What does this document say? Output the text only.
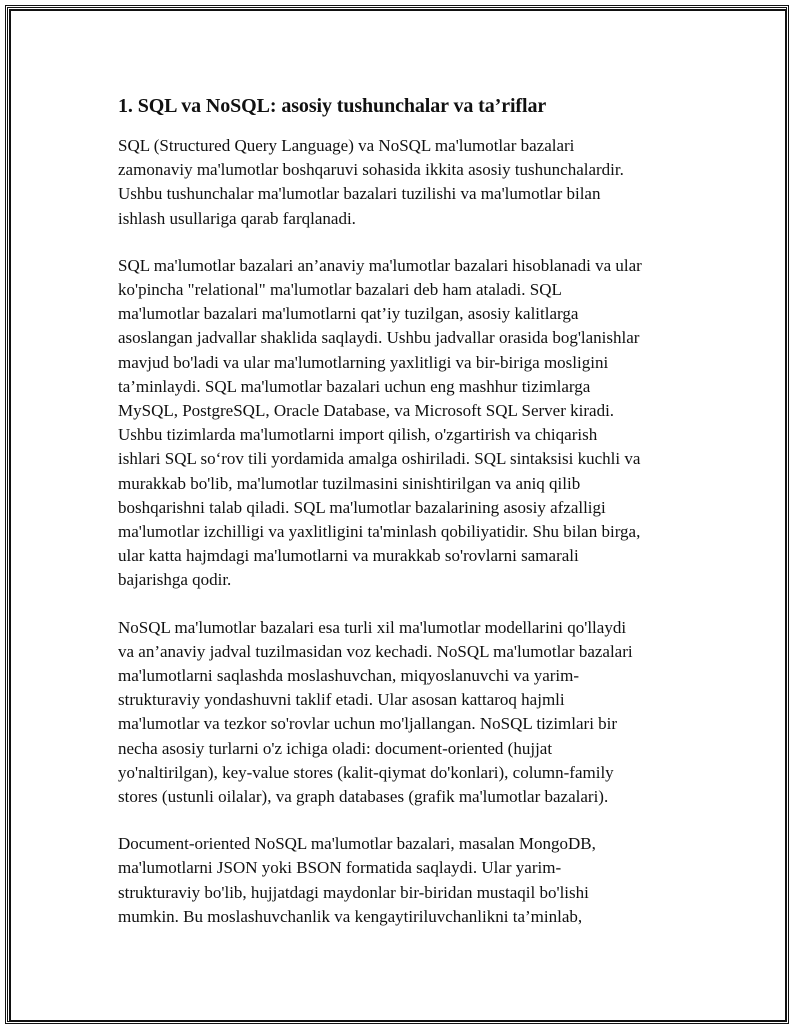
1. SQL va NoSQL: asosiy tushunchalar va ta’riflar
SQL (Structured Query Language) va NoSQL ma'lumotlar bazalari
zamonaviy ma'lumotlar boshqaruvi sohasida ikkita asosiy tushunchalardir.
Ushbu tushunchalar ma'lumotlar bazalari tuzilishi va ma'lumotlar bilan
ishlash usullariga qarab farqlanadi.
SQL ma'lumotlar bazalari an’anaviy ma'lumotlar bazalari hisoblanadi va ular
ko'pincha "relational" ma'lumotlar bazalari deb ham ataladi. SQL
ma'lumotlar bazalari ma'lumotlarni qat’iy tuzilgan, asosiy kalitlarga
asoslangan jadvallar shaklida saqlaydi. Ushbu jadvallar orasida bog'lanishlar
mavjud bo'ladi va ular ma'lumotlarning yaxlitligi va bir-biriga mosligini
ta’minlaydi. SQL ma'lumotlar bazalari uchun eng mashhur tizimlarga
MySQL, PostgreSQL, Oracle Database, va Microsoft SQL Server kiradi.
Ushbu tizimlarda ma'lumotlarni import qilish, o'zgartirish va chiqarish
ishlari SQL so‘rov tili yordamida amalga oshiriladi. SQL sintaksisi kuchli va
murakkab bo'lib, ma'lumotlar tuzilmasini sinishtirilgan va aniq qilib
boshqarishni talab qiladi. SQL ma'lumotlar bazalarining asosiy afzalligi
ma'lumotlar izchilligi va yaxlitligini ta'minlash qobiliyatidir. Shu bilan birga,
ular katta hajmdagi ma'lumotlarni va murakkab so'rovlarni samarali
bajarishga qodir.
NoSQL ma'lumotlar bazalari esa turli xil ma'lumotlar modellarini qo'llaydi
va an’anaviy jadval tuzilmasidan voz kechadi. NoSQL ma'lumotlar bazalari
ma'lumotlarni saqlashda moslashuvchan, miqyoslanuvchi va yarim-
strukturaviy yondashuvni taklif etadi. Ular asosan kattaroq hajmli
ma'lumotlar va tezkor so'rovlar uchun mo'ljallangan. NoSQL tizimlari bir
necha asosiy turlarni o'z ichiga oladi: document-oriented (hujjat
yo'naltirilgan), key-value stores (kalit-qiymat do'konlari), column-family
stores (ustunli oilalar), va graph databases (grafik ma'lumotlar bazalari).
Document-oriented NoSQL ma'lumotlar bazalari, masalan MongoDB,
ma'lumotlarni JSON yoki BSON formatida saqlaydi. Ular yarim-
strukturaviy bo'lib, hujjatdagi maydonlar bir-biridan mustaqil bo'lishi
mumkin. Bu moslashuvchanlik va kengaytiriluvchanlikni ta’minlab,
